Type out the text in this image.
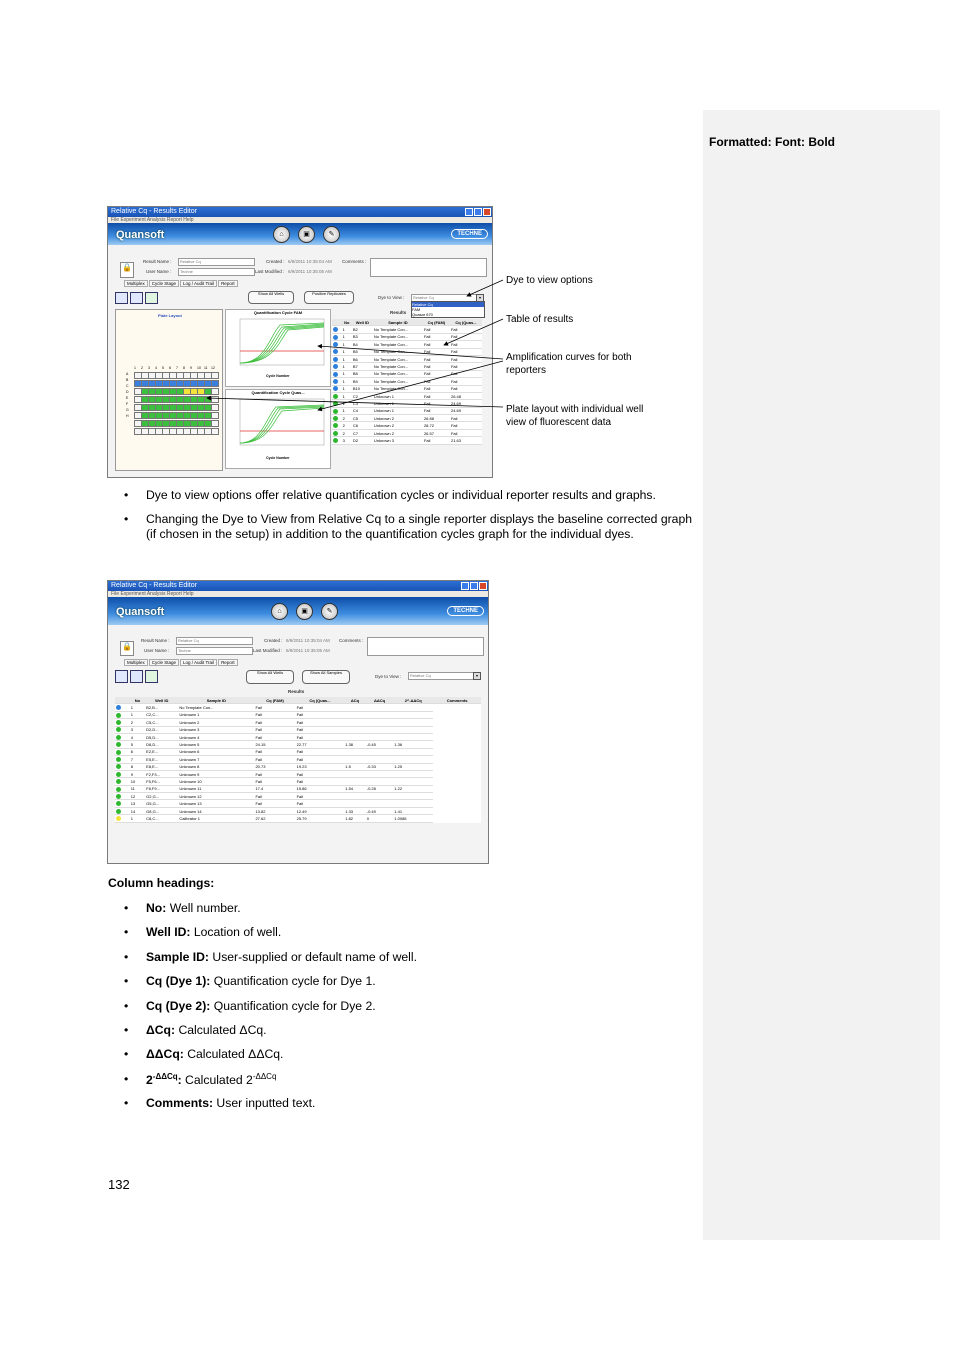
Formatted: Font: Bold
Relative Cq - Results Editor
File Experiment Analysis Report Help
Quansoft	⌂	▣	✎	TECHNE
🔒
Result Name :	Relative Cq
User Name :	Techne
Created : 6/9/2011 10:35:04 AM
Last Modified : 6/9/2011 10:35:05 AM
Comments :
Multiplex	Cycle Stage	Log / Audit Trail	Report
Show All Wells	Positive Replicates
Dye to View :	Relative Cq	▾
Relative Cq
FAM
Quasar 670
Results
Plate Layout
1	2	3	4	5	6	7	8	9	10 11 12
A
B
C
D
E
F
G
H
Quantification Cycle FAM
Cycle Number
Quantification Cycle Quas...
Cycle Number
	No	Well ID	Sample ID	Cq (FAM)	Cq (Quas...
	1	B2	No Template Con...	Fail	Fail
	1	B3	No Template Con...	Fail	Fail
	1	B4	No Template Con...	Fail	Fail
	1	B5	No Template Con...	Fail	Fail
	1	B6	No Template Con...	Fail	Fail
	1	B7	No Template Con...	Fail	Fail
	1	B8	No Template Con...	Fail	Fail
	1	B9	No Template Con...	Fail	Fail
	1	B10	No Template Con...	Fail	Fail
	1	C2	Unknown 1	Fail	26.48
	1	C3	Unknown 1	Fail	24.69
	1	C4	Unknown 1	Fail	24.69
	2	C5	Unknown 2	26.88	Fail
	2	C6	Unknown 2	28.72	Fail
	2	C7	Unknown 2	26.57	Fail
	3	D2	Unknown 3	Fail	21.63
Dye to view options
Table of results
Amplification curves for both reporters
Plate layout with individual well view of fluorescent data
• Dye to view options offer relative quantification cycles or individual reporter results and graphs.
• Changing the Dye to View from Relative Cq to a single reporter displays the baseline corrected graph (if chosen in the setup) in addition to the quantification cycles graph for the individual dyes.
Relative Cq - Results Editor
File Experiment Analysis Report Help
Quansoft	⌂	▣	✎	TECHNE
🔒
Result Name :	Relative Cq
User Name :	Techne
Created : 6/9/2011 10:35:04 AM
Last Modified : 6/9/2011 10:35:05 AM
Comments :
Multiplex	Cycle Stage	Log / Audit Trail	Report
Show All Wells	Show All Samples
Dye to View :	Relative Cq	▾
Results
	No	Well ID	Sample ID	Cq (FAM)	Cq (Quas...	ΔCq	ΔΔCq	2^-ΔΔCq	Comments
	1	B2,B...	No Template Con...	Fail	Fail				
	1	C2,C...	Unknown 1	Fail	Fail				
	2	C5,C...	Unknown 2	Fail	Fail				
	3	D2,D...	Unknown 3	Fail	Fail				
	4	D5,D...	Unknown 4	Fail	Fail				
	5	D8,D...	Unknown 5	24.15	22.77	1.38	-0.45	1.36	
	6	E2,E...	Unknown 6	Fail	Fail				
	7	E5,E...	Unknown 7	Fail	Fail				
	8	E8,E...	Unknown 8	20.73	19.23	1.5	-0.33	1.25	
	9	F2,F3...	Unknown 9	Fail	Fail				
	10	F5,F6...	Unknown 10	Fail	Fail				
	11	F8,F9...	Unknown 11	17.4	15.86	1.54	-0.28	1.22	
	12	G2,G...	Unknown 12	Fail	Fail				
	13	G5,G...	Unknown 13	Fail	Fail				
	14	G8,G...	Unknown 14	13.82	12.49	1.33	-0.49	1.41	
	1	C8,C...	Calibrator 1	27.62	25.79	1.82	0	1.0085	
Column headings:
• No: Well number.
• Well ID: Location of well.
• Sample ID: User-supplied or default name of well.
• Cq (Dye 1): Quantification cycle for Dye 1.
• Cq (Dye 2): Quantification cycle for Dye 2.
• ΔCq: Calculated ΔCq.
• ΔΔCq: Calculated ΔΔCq.
• $2^{-\Delta\Delta Cq}$: Calculated $2^{-\Delta\Delta Cq}$
• Comments: User inputted text.
132
